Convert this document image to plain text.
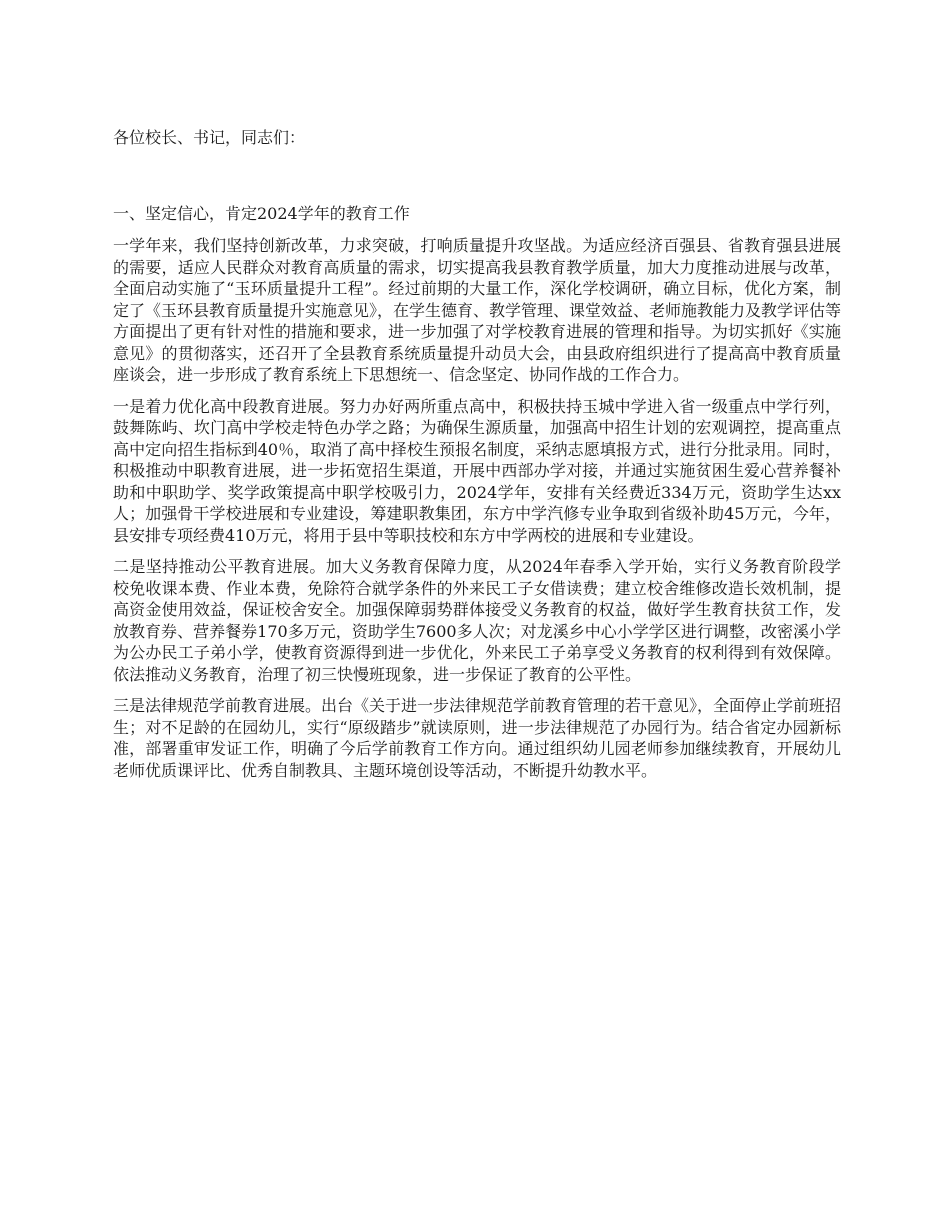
各位校长、书记，同志们：

一、坚定信心，肯定2024学年的教育工作

一学年来，我们坚持创新改革，力求突破，打响质量提升攻坚战。为适应经济百强县、省教育强县进展的需要，适应人民群众对教育高质量的需求，切实提高我县教育教学质量，加大力度推动进展与改革，全面启动实施了“玉环质量提升工程”。经过前期的大量工作，深化学校调研，确立目标，优化方案，制定了《玉环县教育质量提升实施意见》，在学生德育、教学管理、课堂效益、老师施教能力及教学评估等方面提出了更有针对性的措施和要求，进一步加强了对学校教育进展的管理和指导。为切实抓好《实施意见》的贯彻落实，还召开了全县教育系统质量提升动员大会，由县政府组织进行了提高高中教育质量座谈会，进一步形成了教育系统上下思想统一、信念坚定、协同作战的工作合力。

一是着力优化高中段教育进展。努力办好两所重点高中，积极扶持玉城中学进入省一级重点中学行列，鼓舞陈屿、坎门高中学校走特色办学之路；为确保生源质量，加强高中招生计划的宏观调控，提高重点高中定向招生指标到40％，取消了高中择校生预报名制度，采纳志愿填报方式，进行分批录用。同时，积极推动中职教育进展，进一步拓宽招生渠道，开展中西部办学对接，并通过实施贫困生爱心营养餐补助和中职助学、奖学政策提高中职学校吸引力，2024学年，安排有关经费近334万元，资助学生达xx人；加强骨干学校进展和专业建设，筹建职教集团，东方中学汽修专业争取到省级补助45万元，今年，县安排专项经费410万元，将用于县中等职技校和东方中学两校的进展和专业建设。

二是坚持推动公平教育进展。加大义务教育保障力度，从2024年春季入学开始，实行义务教育阶段学校免收课本费、作业本费，免除符合就学条件的外来民工子女借读费；建立校舍维修改造长效机制，提高资金使用效益，保证校舍安全。加强保障弱势群体接受义务教育的权益，做好学生教育扶贫工作，发放教育券、营养餐券170多万元，资助学生7600多人次；对龙溪乡中心小学学区进行调整，改密溪小学为公办民工子弟小学，使教育资源得到进一步优化，外来民工子弟享受义务教育的权利得到有效保障。依法推动义务教育，治理了初三快慢班现象，进一步保证了教育的公平性。

三是法律规范学前教育进展。出台《关于进一步法律规范学前教育管理的若干意见》，全面停止学前班招生；对不足龄的在园幼儿，实行“原级踏步”就读原则，进一步法律规范了办园行为。结合省定办园新标准，部署重审发证工作，明确了今后学前教育工作方向。通过组织幼儿园老师参加继续教育，开展幼儿老师优质课评比、优秀自制教具、主题环境创设等活动，不断提升幼教水平。
